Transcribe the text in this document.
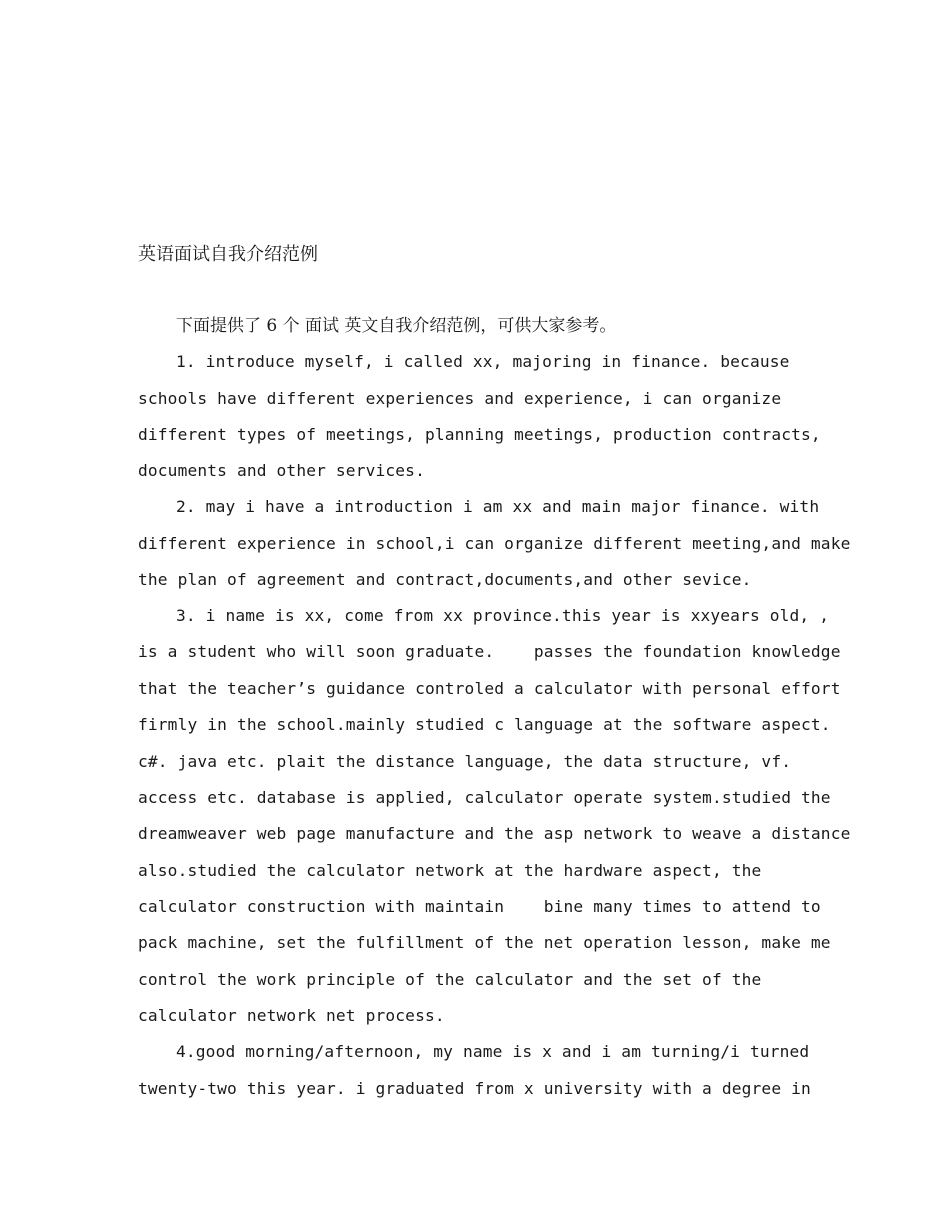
英语面试自我介绍范例

下面提供了 6 个 面试 英文自我介绍范例，可供大家参考。

1. introduce myself, i called xx, majoring in finance. because
schools have different experiences and experience, i can organize
different types of meetings, planning meetings, production contracts,
documents and other services.
2. may i have a introduction i am xx and main major finance. with
different experience in school,i can organize different meeting,and make
the plan of agreement and contract,documents,and other sevice.
3. i name is xx, come from xx province.this year is xxyears old, ,
is a student who will soon graduate.    passes the foundation knowledge
that the teacher’s guidance controled a calculator with personal effort
firmly in the school.mainly studied c language at the software aspect.
c#. java etc. plait the distance language, the data structure, vf.
access etc. database is applied, calculator operate system.studied the
dreamweaver web page manufacture and the asp network to weave a distance
also.studied the calculator network at the hardware aspect, the
calculator construction with maintain    bine many times to attend to
pack machine, set the fulfillment of the net operation lesson, make me
control the work principle of the calculator and the set of the
calculator network net process.
4.good morning/afternoon, my name is x and i am turning/i turned
twenty-two this year. i graduated from x university with a degree in
